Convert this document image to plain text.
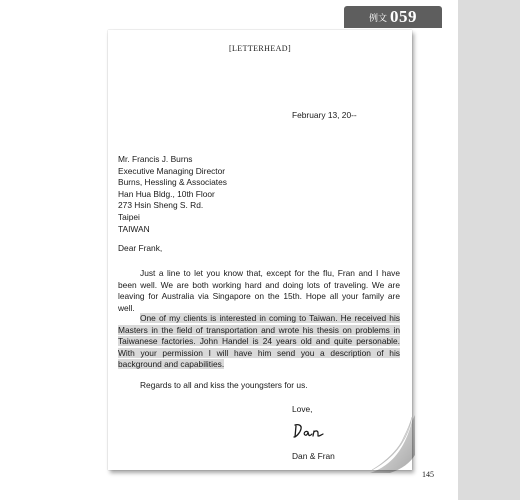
例文 059
[LETTERHEAD]
February 13, 20--
Mr. Francis J. Burns
Executive Managing Director
Burns, Hessling & Associates
Han Hua Bldg., 10th Floor
273 Hsin Sheng S. Rd.
Taipei
TAIWAN
Dear Frank,

Just a line to let you know that, except for the flu, Fran and I have been well. We are both working hard and doing lots of traveling. We are leaving for Australia via Singapore on the 15th. Hope all your family are well.

One of my clients is interested in coming to Taiwan. He received his Masters in the field of transportation and wrote his thesis on problems in Taiwanese factories. John Handel is 24 years old and quite personable. With your permission I will have him send you a description of his background and capabilities.

Regards to all and kiss the youngsters for us.

Love,
Dan & Fran
145
